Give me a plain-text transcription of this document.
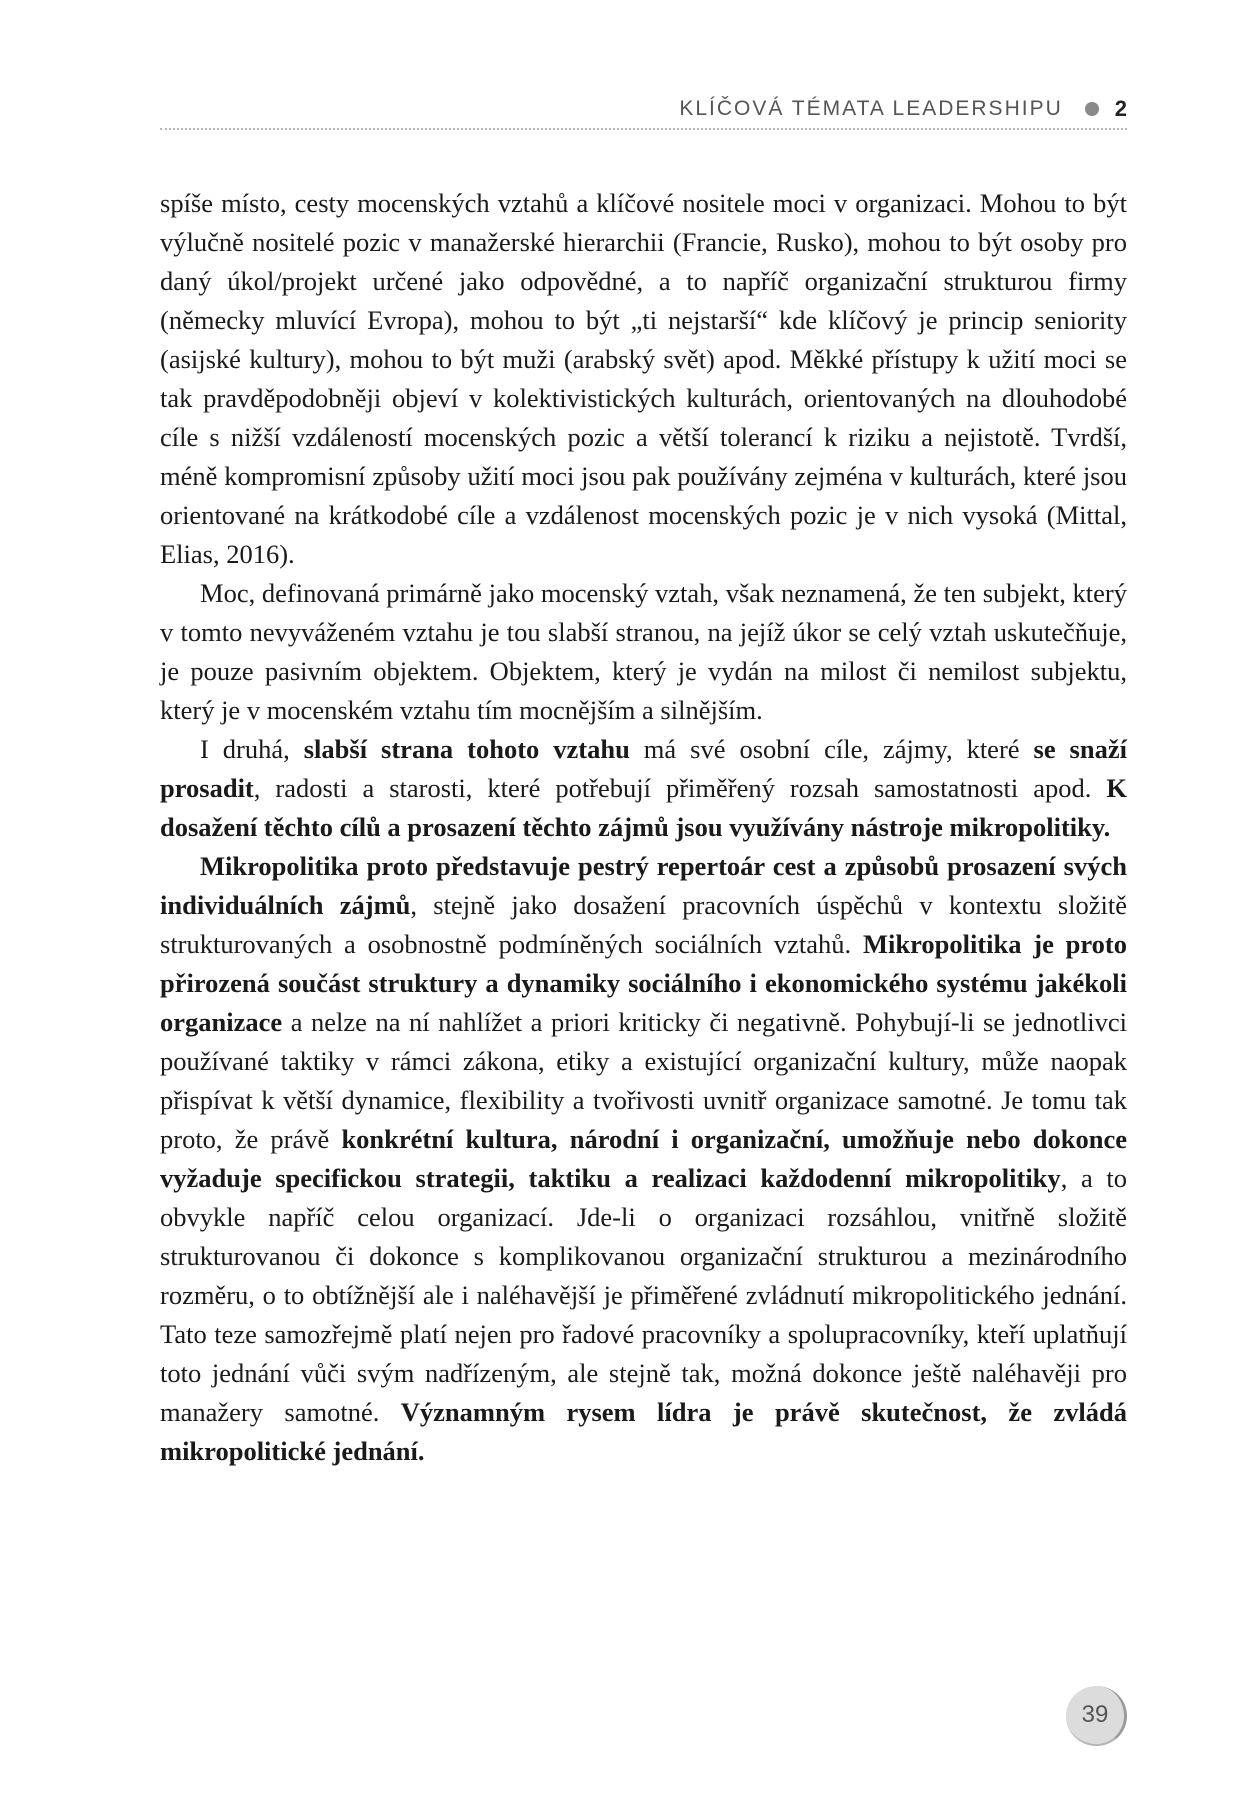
KLÍČOVÁ TÉMATA LEADERSHIPU 2

spíše místo, cesty mocenských vztahů a klíčové nositele moci v organizaci. Mohou to být výlučně nositelé pozic v manažerské hierarchii (Francie, Rusko), mohou to být osoby pro daný úkol/projekt určené jako odpovědné, a to napříč organizační strukturou firmy (německy mluvící Evropa), mohou to být „ti nejstarší“ kde klíčový je princip seniority (asijské kultury), mohou to být muži (arabský svět) apod. Měkké přístupy k užití moci se tak pravděpodobněji objeví v kolektivistických kulturách, orientovaných na dlouhodobé cíle s nižší vzdáleností mocenských pozic a větší tolerancí k riziku a nejistotě. Tvrdší, méně kompromisní způsoby užití moci jsou pak používány zejména v kulturách, které jsou orientované na krátkodobé cíle a vzdálenost mocenských pozic je v nich vysoká (Mittal, Elias, 2016).

Moc, definovaná primárně jako mocenský vztah, však neznamená, že ten subjekt, který v tomto nevyváženém vztahu je tou slabší stranou, na jejíž úkor se celý vztah uskutečňuje, je pouze pasivním objektem. Objektem, který je vydán na milost či nemilost subjektu, který je v mocenském vztahu tím mocnějším a silnějším.

I druhá, slabší strana tohoto vztahu má své osobní cíle, zájmy, které se snaží prosadit, radosti a starosti, které potřebují přiměřený rozsah samostatnosti apod. K dosažení těchto cílů a prosazení těchto zájmů jsou využívány nástroje mikropolitiky.

Mikropolitika proto představuje pestrý repertoár cest a způsobů prosazení svých individuálních zájmů, stejně jako dosažení pracovních úspěchů v kontextu složitě strukturovaných a osobnostně podmíněných sociálních vztahů. Mikropolitika je proto přirozená součást struktury a dynamiky sociálního i ekonomického systému jakékoli organizace a nelze na ní nahlížet a priori kriticky či negativně. Pohybují-li se jednotlivci používané taktiky v rámci zákona, etiky a existující organizační kultury, může naopak přispívat k větší dynamice, flexibility a tvořivosti uvnitř organizace samotné. Je tomu tak proto, že právě konkrétní kultura, národní i organizační, umožňuje nebo dokonce vyžaduje specifickou strategii, taktiku a realizaci každodenní mikropolitiky, a to obvykle napříč celou organizací. Jde-li o organizaci rozsáhlou, vnitřně složitě strukturovanou či dokonce s komplikovanou organizační strukturou a mezinárodního rozměru, o to obtížnější ale i naléhavější je přiměřené zvládnutí mikropolitického jednání. Tato teze samozřejmě platí nejen pro řadové pracovníky a spolupracovníky, kteří uplatňují toto jednání vůči svým nadřízeným, ale stejně tak, možná dokonce ještě naléhavěji pro manažery samotné. Významným rysem lídra je právě skutečnost, že zvládá mikropolitické jednání.

39
